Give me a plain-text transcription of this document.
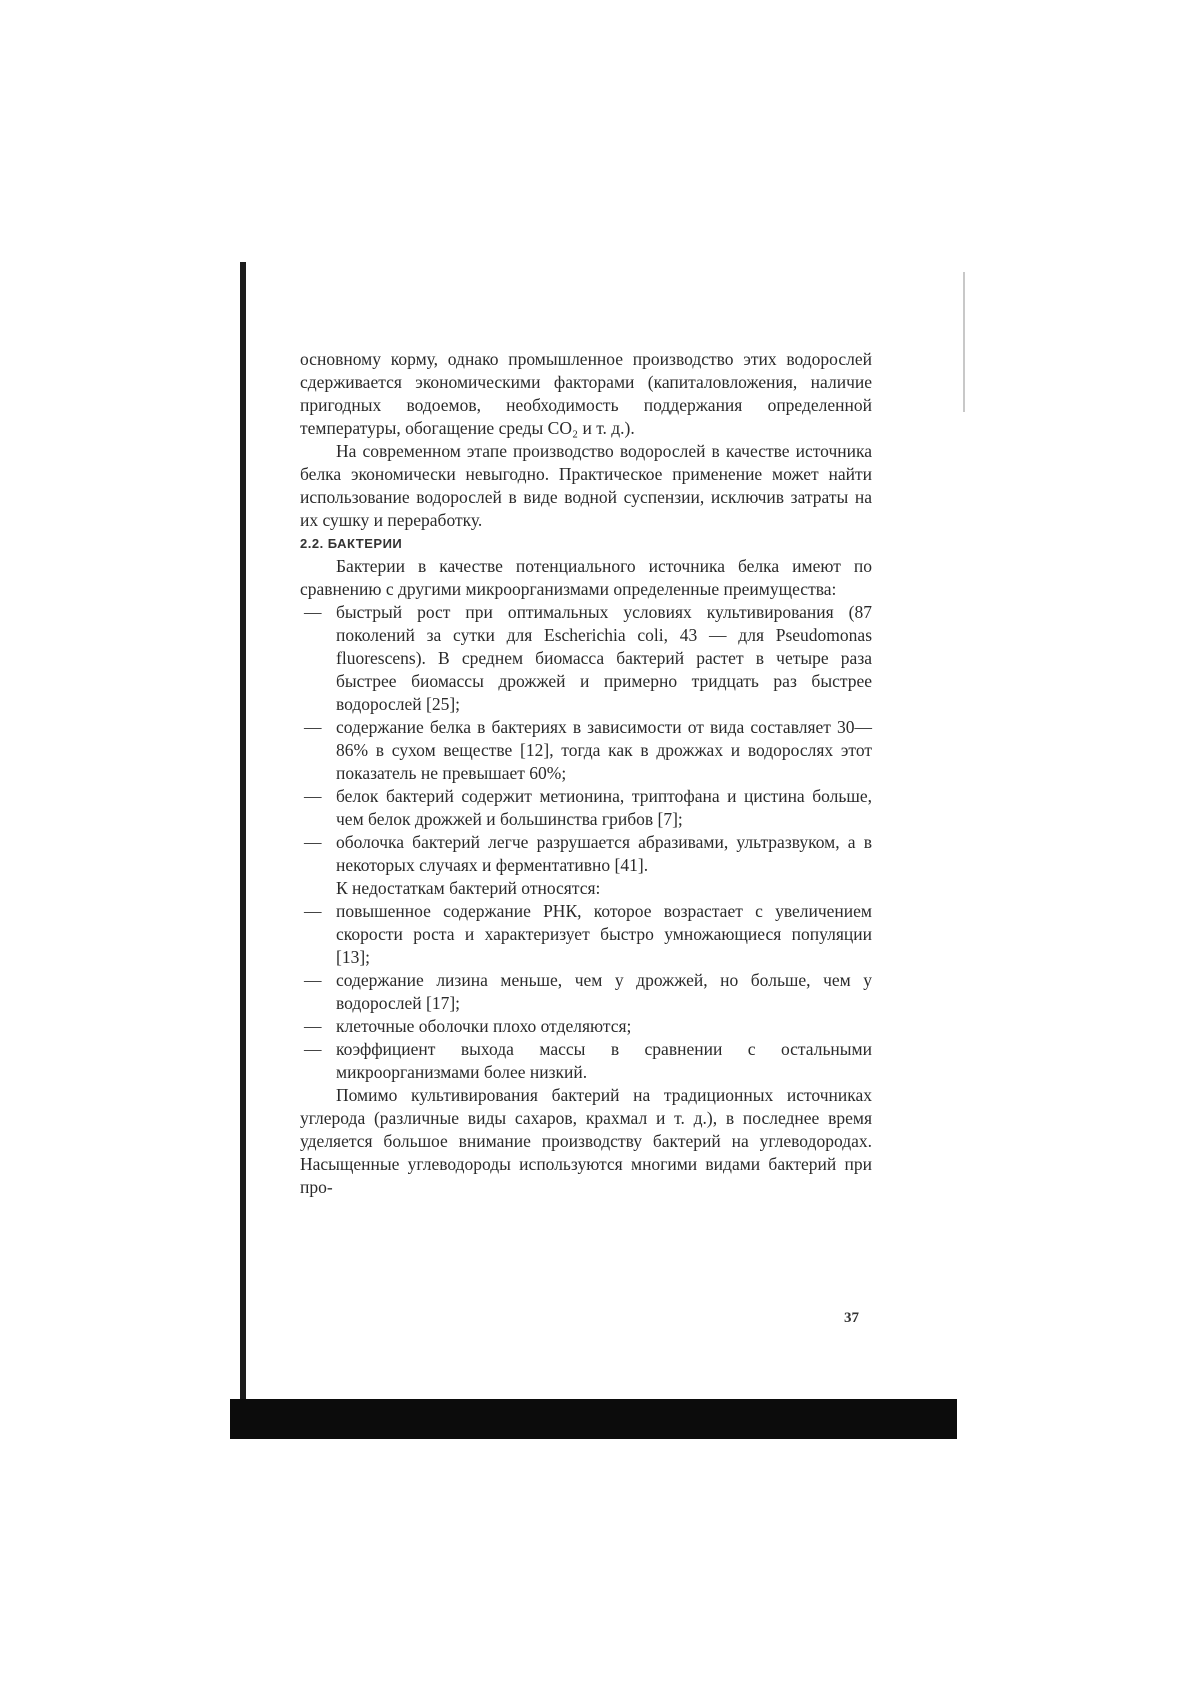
основному корму, однако промышленное производство этих водорослей сдерживается экономическими факторами (капиталовложения, наличие пригодных водоемов, необходимость поддержания определенной температуры, обогащение среды CO₂ и т. д.).

На современном этапе производство водорослей в качестве источника белка экономически невыгодно. Практическое применение может найти использование водорослей в виде водной суспензии, исключив затраты на их сушку и переработку.

2.2. БАКТЕРИИ

Бактерии в качестве потенциального источника белка имеют по сравнению с другими микроорганизмами определенные преимущества:

— быстрый рост при оптимальных условиях культивирования (87 поколений за сутки для Escherichia coli, 43 — для Pseudomonas fluorescens). В среднем биомасса бактерий растет в четыре раза быстрее биомассы дрожжей и примерно тридцать раз быстрее водорослей [25];
— содержание белка в бактериях в зависимости от вида составляет 30—86% в сухом веществе [12], тогда как в дрожжах и водорослях этот показатель не превышает 60%;
— белок бактерий содержит метионина, триптофана и цистина больше, чем белок дрожжей и большинства грибов [7];
— оболочка бактерий легче разрушается абразивами, ультразвуком, а в некоторых случаях и ферментативно [41].

К недостаткам бактерий относятся:

— повышенное содержание РНК, которое возрастает с увеличением скорости роста и характеризует быстро умножающиеся популяции [13];
— содержание лизина меньше, чем у дрожжей, но больше, чем у водорослей [17];
— клеточные оболочки плохо отделяются;
— коэффициент выхода массы в сравнении с остальными микроорганизмами более низкий.

Помимо культивирования бактерий на традиционных источниках углерода (различные виды сахаров, крахмал и т. д.), в последнее время уделяется большое внимание производству бактерий на углеводородах. Насыщенные углеводороды используются многими видами бактерий при про-

37
